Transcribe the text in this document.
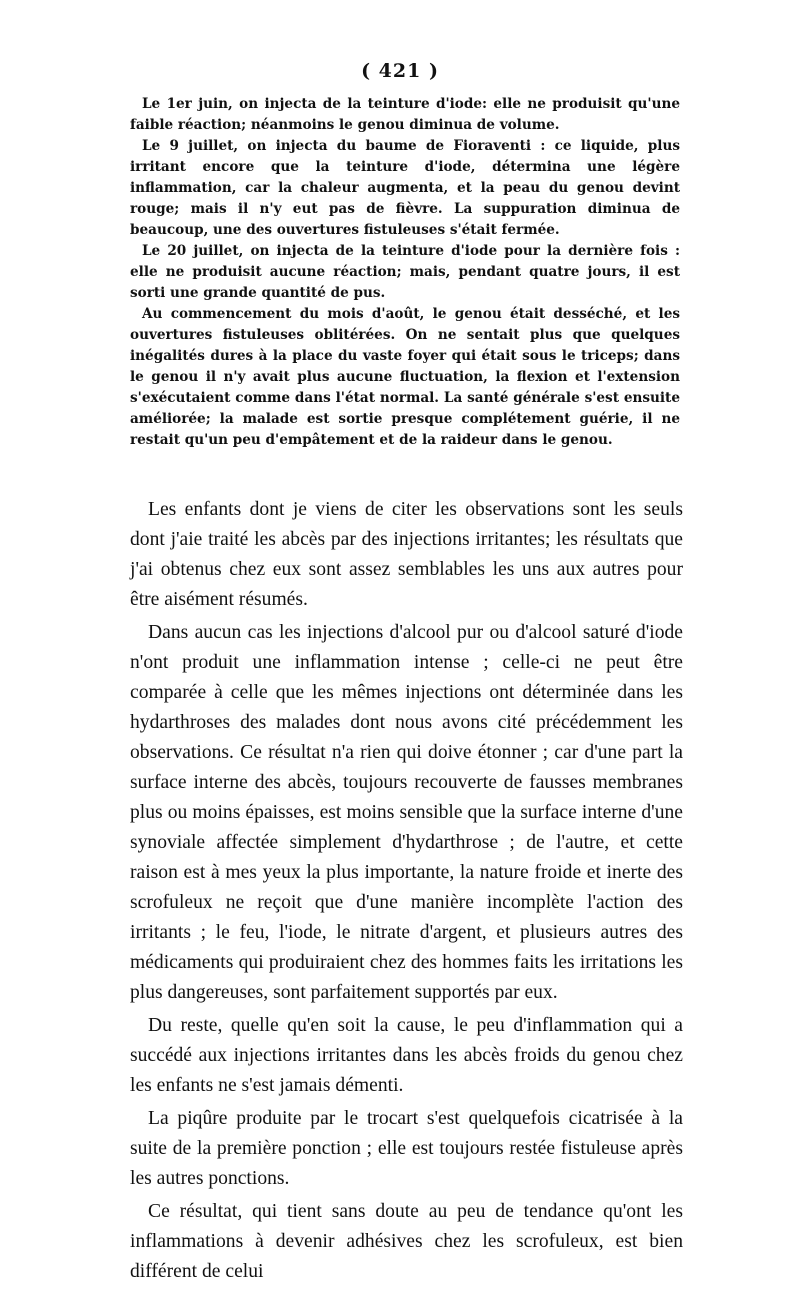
( 421 )

Le 1er juin, on injecta de la teinture d'iode: elle ne produisit qu'une faible réaction; néanmoins le genou diminua de volume.

Le 9 juillet, on injecta du baume de Fioraventi : ce liquide, plus irritant encore que la teinture d'iode, détermina une légère inflammation, car la chaleur augmenta, et la peau du genou devint rouge; mais il n'y eut pas de fièvre. La suppuration diminua de beaucoup, une des ouvertures fistuleuses s'était fermée.

Le 20 juillet, on injecta de la teinture d'iode pour la dernière fois : elle ne produisit aucune réaction; mais, pendant quatre jours, il est sorti une grande quantité de pus.

Au commencement du mois d'août, le genou était desséché, et les ouvertures fistuleuses oblitérées. On ne sentait plus que quelques inégalités dures à la place du vaste foyer qui était sous le triceps; dans le genou il n'y avait plus aucune fluctuation, la flexion et l'extension s'exécutaient comme dans l'état normal. La santé générale s'est ensuite améliorée; la malade est sortie presque complétement guérie, il ne restait qu'un peu d'empâtement et de la raideur dans le genou.

Les enfants dont je viens de citer les observations sont les seuls dont j'aie traité les abcès par des injections irritantes; les résultats que j'ai obtenus chez eux sont assez semblables les uns aux autres pour être aisément résumés.

Dans aucun cas les injections d'alcool pur ou d'alcool saturé d'iode n'ont produit une inflammation intense ; celle-ci ne peut être comparée à celle que les mêmes injections ont déterminée dans les hydarthroses des malades dont nous avons cité précédemment les observations. Ce résultat n'a rien qui doive étonner ; car d'une part la surface interne des abcès, toujours recouverte de fausses membranes plus ou moins épaisses, est moins sensible que la surface interne d'une synoviale affectée simplement d'hydarthrose ; de l'autre, et cette raison est à mes yeux la plus importante, la nature froide et inerte des scrofuleux ne reçoit que d'une manière incomplète l'action des irritants ; le feu, l'iode, le nitrate d'argent, et plusieurs autres des médicaments qui produiraient chez des hommes faits les irritations les plus dangereuses, sont parfaitement supportés par eux.

Du reste, quelle qu'en soit la cause, le peu d'inflammation qui a succédé aux injections irritantes dans les abcès froids du genou chez les enfants ne s'est jamais démenti.

La piqûre produite par le trocart s'est quelquefois cicatrisée à la suite de la première ponction ; elle est toujours restée fistuleuse après les autres ponctions.

Ce résultat, qui tient sans doute au peu de tendance qu'ont les inflammations à devenir adhésives chez les scrofuleux, est bien différent de celui
